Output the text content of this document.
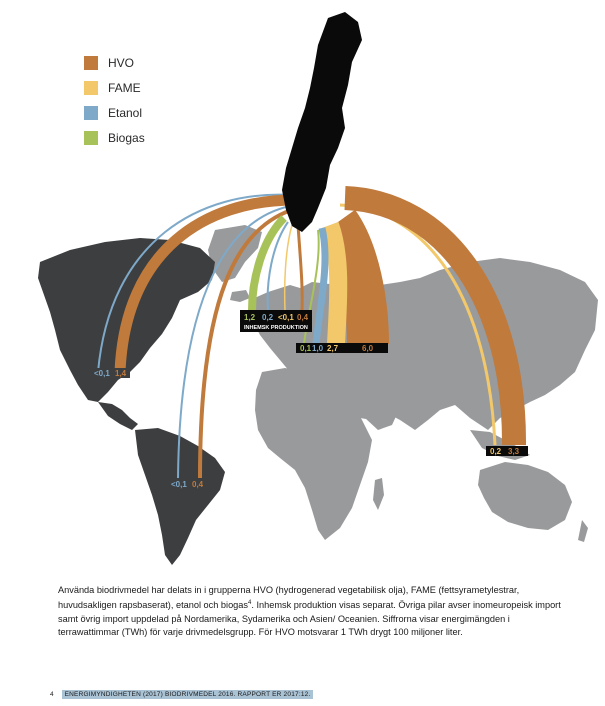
1,2 0,2 <0,1 0,4
INHEMSK PRODUKTION
0,1 1,0 2,7	6,0
<0,1 1,4
<0,1 0,4
0,2 3,3
HVO
FAME
Etanol
Biogas
Använda biodrivmedel har delats in i grupperna HVO (hydrogenerad vegetabilisk olja), FAME (fettsyrametylestrar, huvudsakligen rapsbaserat), etanol och biogas$^4$. Inhemsk produktion visas separat. Övriga pilar avser inomeuropeisk import samt övrig import uppdelad på Nordamerika, Sydamerika och Asien/ Oceanien. Siffrorna visar energimängden i terrawattimmar (TWh) för varje drivmedelsgrupp. För HVO motsvarar 1 TWh drygt 100 miljoner liter.
4	ENERGIMYNDIGHETEN (2017) BIODRIVMEDEL 2016. RAPPORT ER 2017:12.
